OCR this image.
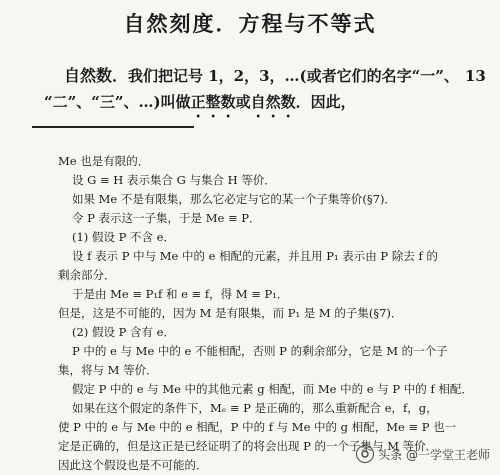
自然刻度．方程与不等式
自然数．我们把记号 1，2，3，…(或者它们的名字“一”、 13
“二”、“三”、…)叫做正整数或自然数．因此，
Me 也是有限的．
设 G ≡ H 表示集合 G 与集合 H 等价．
如果 Me 不是有限集，那么它必定与它的某一个子集等价(§7)．
令 P 表示这一子集，于是 Me ≡ P．
(1) 假设 P 不含 e．
设 f 表示 P 中与 Me 中的 e 相配的元素，并且用 P₁ 表示由 P 除去 f 的
剩余部分．
于是由 Me ≡ P₁f 和 e ≡ f，得 M ≡ P₁．
但是，这是不可能的，因为 M 是有限集，而 P₁ 是 M 的子集(§7)．
(2) 假设 P 含有 e．
P 中的 e 与 Me 中的 e 不能相配，否则 P 的剩余部分，它是 M 的一个子
集，将与 M 等价．
假定 P 中的 e 与 Me 中的其他元素 g 相配，而 Me 中的 e 与 P 中的 f 相配．
如果在这个假定的条件下，Mₑ ≡ P 是正确的，那么重新配合 e，f，g，
使 P 中的 e 与 Me 中的 e 相配，P 中的 f 与 Me 中的 g 相配，Me ≡ P 也一
定是正确的，但是这正是已经证明了的将会出现 P 的一个子集与 M 等价．
因此这个假设也是不可能的．
头条 @一学堂王老师
